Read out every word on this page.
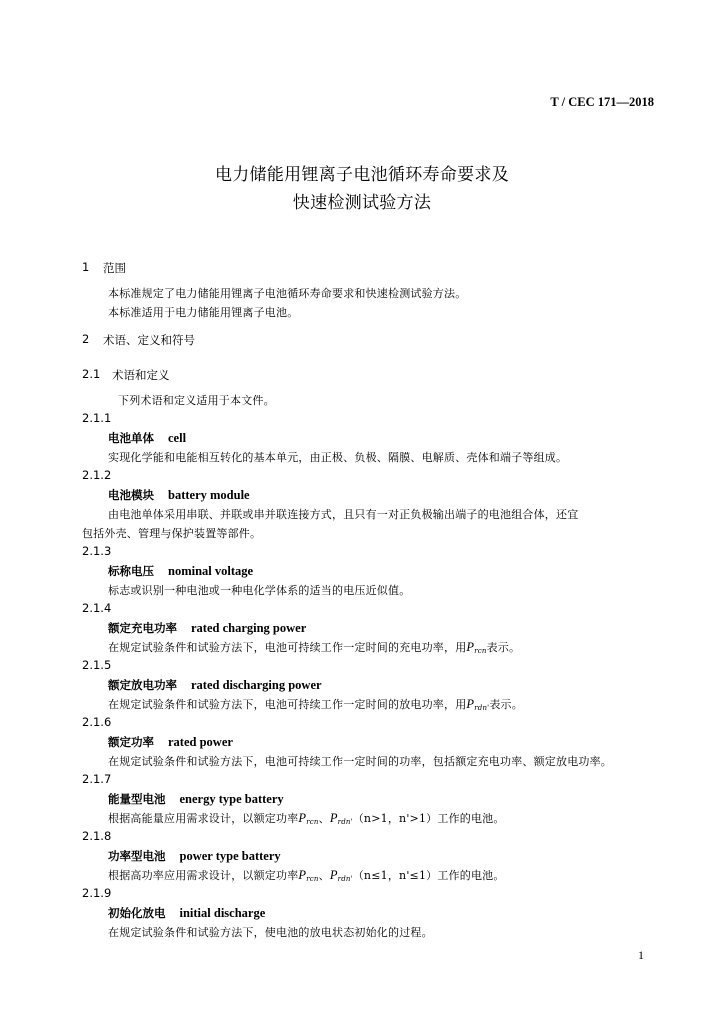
T / CEC 171—2018
电力储能用锂离子电池循环寿命要求及
快速检测试验方法
1 范围
本标准规定了电力储能用锂离子电池循环寿命要求和快速检测试验方法。
本标准适用于电力储能用锂离子电池。
2 术语、定义和符号
2.1 术语和定义
下列术语和定义适用于本文件。
2.1.1
电池单体 cell
实现化学能和电能相互转化的基本单元，由正极、负极、隔膜、电解质、壳体和端子等组成。
2.1.2
电池模块 battery module
由电池单体采用串联、并联或串并联连接方式，且只有一对正负极输出端子的电池组合体，还宜
包括外壳、管理与保护装置等部件。
2.1.3
标称电压 nominal voltage
标志或识别一种电池或一种电化学体系的适当的电压近似值。
2.1.4
额定充电功率 rated charging power
在规定试验条件和试验方法下，电池可持续工作一定时间的充电功率，用$P_{rcn}$表示。
2.1.5
额定放电功率 rated discharging power
在规定试验条件和试验方法下，电池可持续工作一定时间的放电功率，用$P_{rdn'}$表示。
2.1.6
额定功率 rated power
在规定试验条件和试验方法下，电池可持续工作一定时间的功率，包括额定充电功率、额定放电功率。
2.1.7
能量型电池 energy type battery
根据高能量应用需求设计，以额定功率$P_{rcn}$、$P_{rdn'}(n>1$，n'>1）工作的电池。
2.1.8
功率型电池 power type battery
根据高功率应用需求设计，以额定功率$P_{rcn}$、$P_{rdn'}(n\le 1$，n'≤1）工作的电池。
2.1.9
初始化放电 initial discharge
在规定试验条件和试验方法下，使电池的放电状态初始化的过程。
1
